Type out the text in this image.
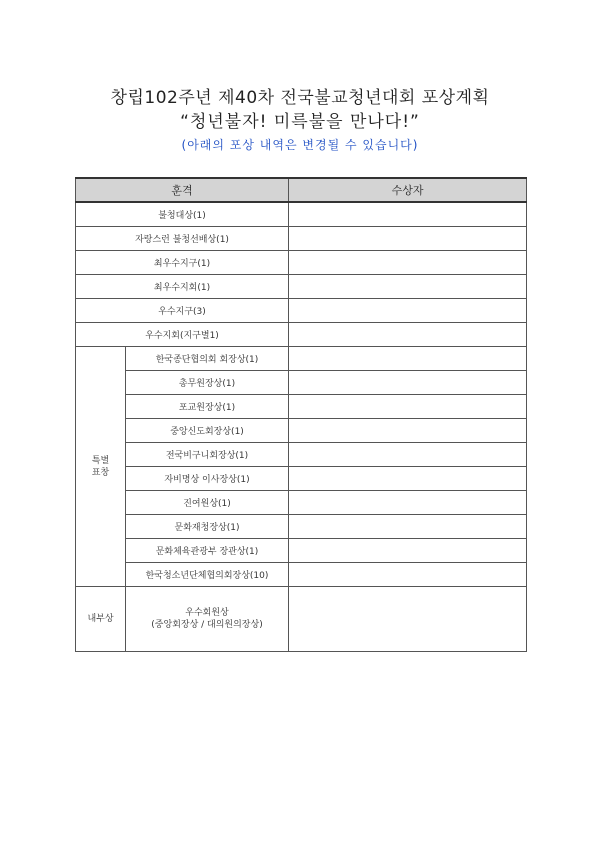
창립102주년 제40차 전국불교청년대회 포상계획
“청년불자! 미륵불을 만나다!”
(아래의 포상 내역은 변경될 수 있습니다)
훈격		수상자
불청대상(1)		
자랑스런 불청선배상(1)		
최우수지구(1)		
최우수지회(1)		
우수지구(3)		
우수지회(지구별1)		
특별 표창	한국종단협의회 회장상(1)	
	총무원장상(1)	
	포교원장상(1)	
	중앙신도회장상(1)	
	전국비구니회장상(1)	
	자비명상 이사장상(1)	
	진여원상(1)	
	문화재청장상(1)	
	문화체육관광부 장관상(1)	
	한국청소년단체협의회장상(10)	
내부상	우수회원상
(중앙회장상 / 대의원의장상)	
